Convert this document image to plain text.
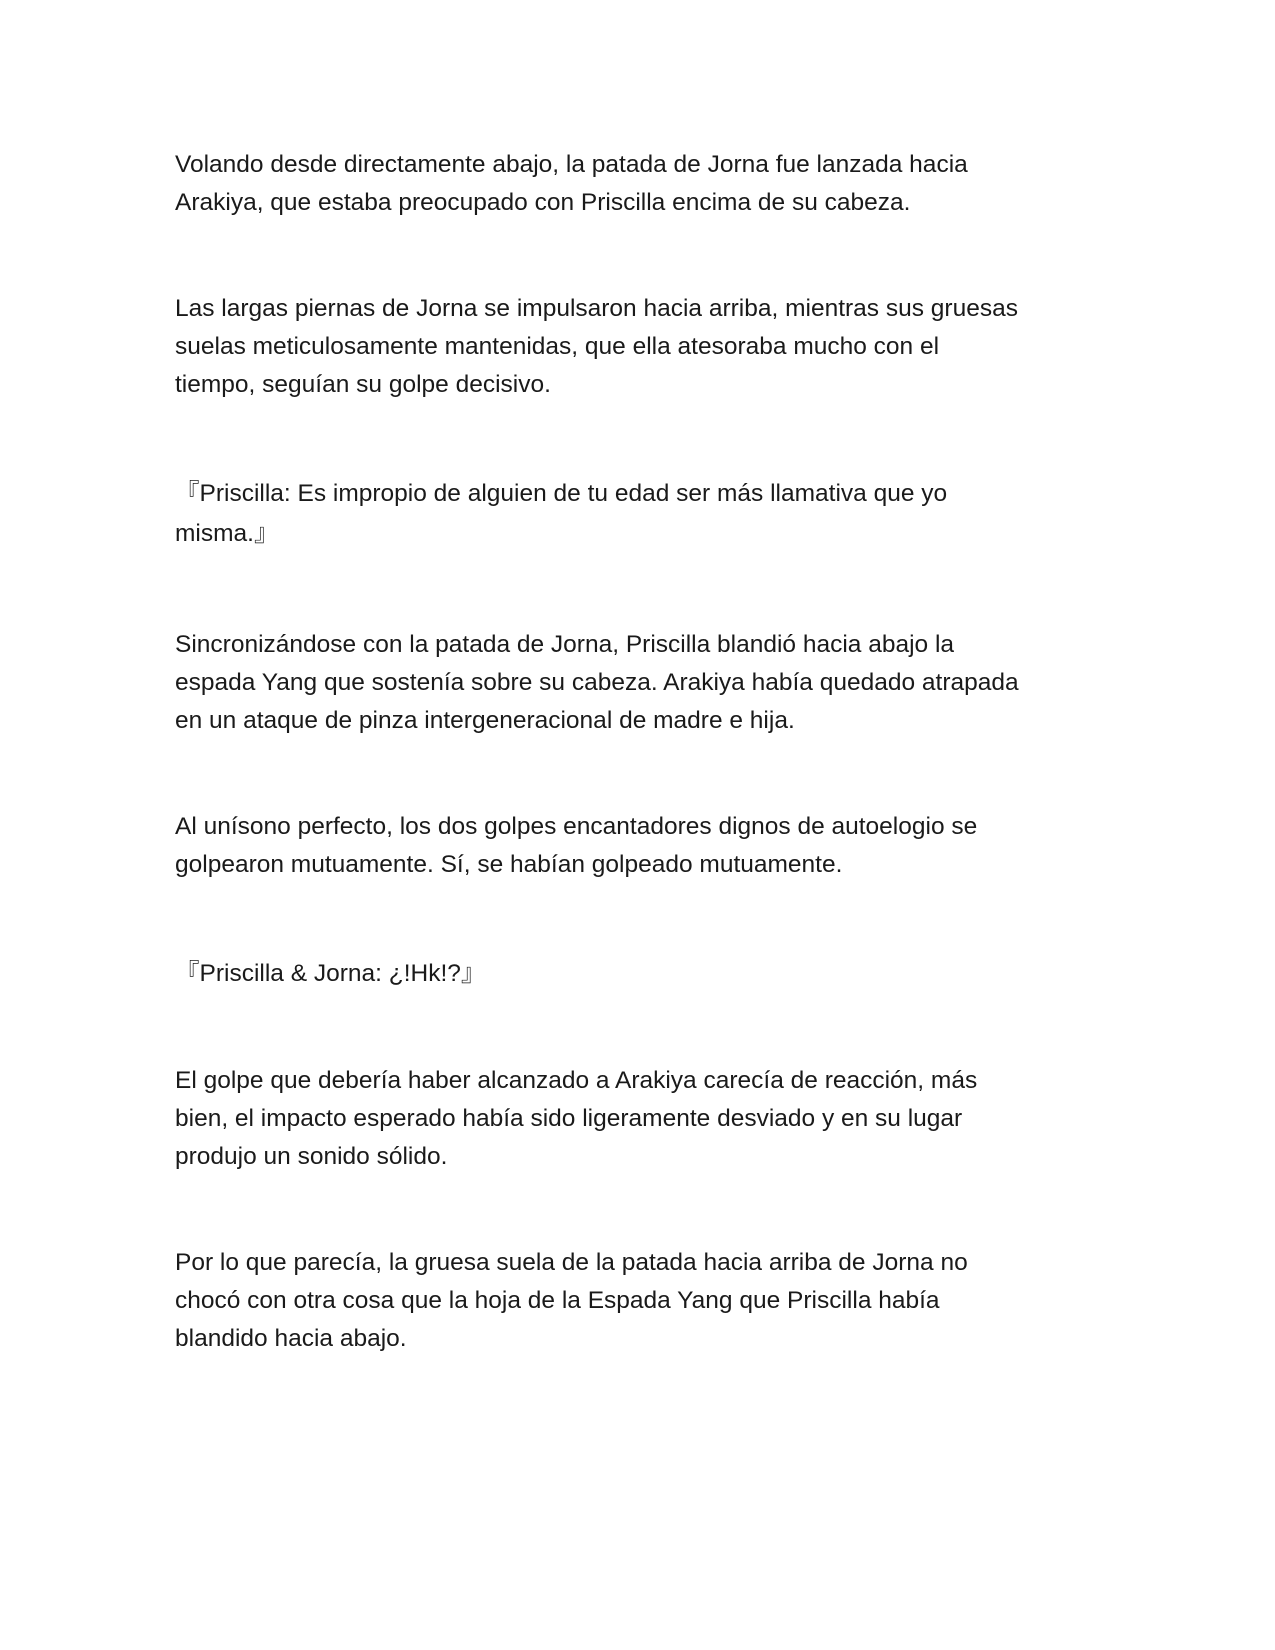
Volando desde directamente abajo, la patada de Jorna fue lanzada hacia
Arakiya, que estaba preocupado con Priscilla encima de su cabeza.

Las largas piernas de Jorna se impulsaron hacia arriba, mientras sus gruesas
suelas meticulosamente mantenidas, que ella atesoraba mucho con el
tiempo, seguían su golpe decisivo.

『Priscilla: Es impropio de alguien de tu edad ser más llamativa que yo
misma.』

Sincronizándose con la patada de Jorna, Priscilla blandió hacia abajo la
espada Yang que sostenía sobre su cabeza. Arakiya había quedado atrapada
en un ataque de pinza intergeneracional de madre e hija.

Al unísono perfecto, los dos golpes encantadores dignos de autoelogio se
golpearon mutuamente. Sí, se habían golpeado mutuamente.

『Priscilla & Jorna: ¿!Hk!?』

El golpe que debería haber alcanzado a Arakiya carecía de reacción, más
bien, el impacto esperado había sido ligeramente desviado y en su lugar
produjo un sonido sólido.

Por lo que parecía, la gruesa suela de la patada hacia arriba de Jorna no
chocó con otra cosa que la hoja de la Espada Yang que Priscilla había
blandido hacia abajo.
